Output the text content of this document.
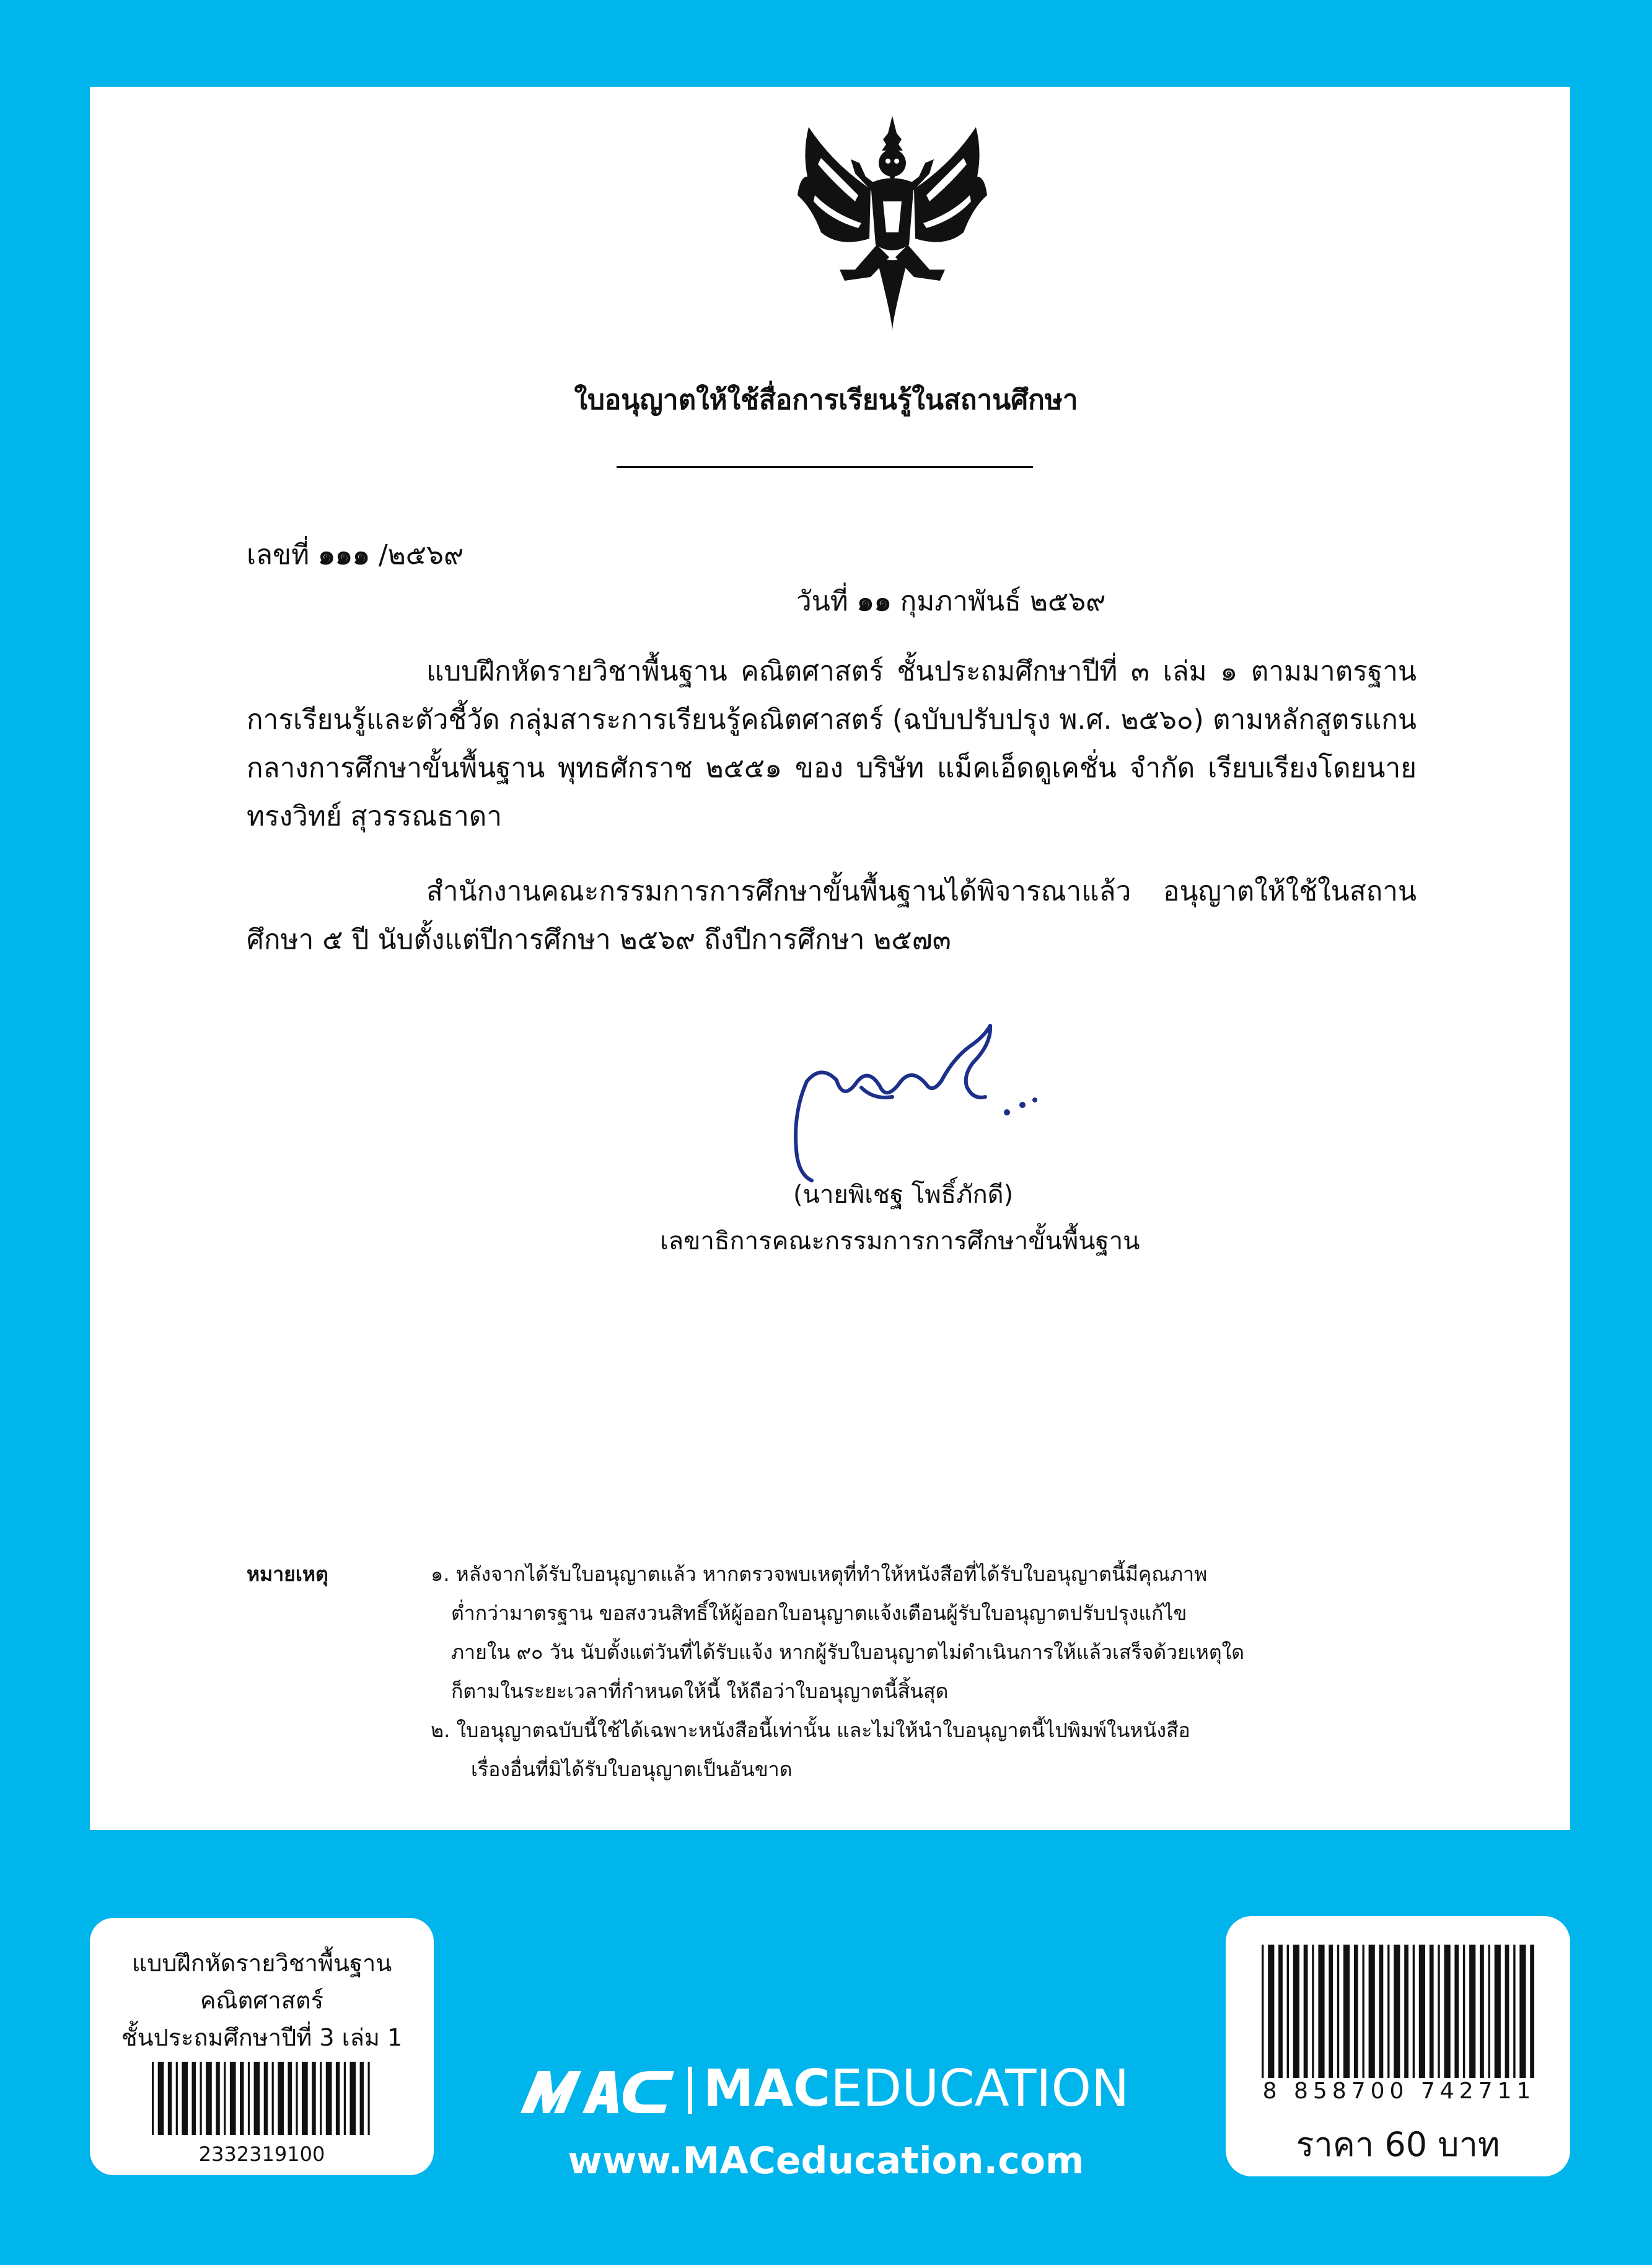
ใบอนุญาตให้ใช้สื่อการเรียนรู้ในสถานศึกษา
เลขที่ ๑๑๑ /๒๕๖๙
วันที่ ๑๑ กุมภาพันธ์ ๒๕๖๙
แบบฝึกหัดรายวิชาพื้นฐาน คณิตศาสตร์ ชั้นประถมศึกษาปีที่ ๓ เล่ม ๑ ตามมาตรฐานการเรียนรู้และตัวชี้วัด กลุ่มสาระการเรียนรู้คณิตศาสตร์ (ฉบับปรับปรุง พ.ศ. ๒๕๖๐) ตามหลักสูตรแกนกลางการศึกษาขั้นพื้นฐาน พุทธศักราช ๒๕๕๑ ของ บริษัท แม็คเอ็ดดูเคชั่น จำกัด เรียบเรียงโดยนายทรงวิทย์ สุวรรณธาดา
สำนักงานคณะกรรมการการศึกษาขั้นพื้นฐานได้พิจารณาแล้ว อนุญาตให้ใช้ในสถานศึกษา ๕ ปี นับตั้งแต่ปีการศึกษา ๒๕๖๙ ถึงปีการศึกษา ๒๕๗๓
(นายพิเชฐ โพธิ์ภักดี)
เลขาธิการคณะกรรมการการศึกษาขั้นพื้นฐาน
หมายเหตุ	๑. หลังจากได้รับใบอนุญาตแล้ว หากตรวจพบเหตุที่ทำให้หนังสือที่ได้รับใบอนุญาตนี้มีคุณภาพ
ต่ำกว่ามาตรฐาน ขอสงวนสิทธิ์ให้ผู้ออกใบอนุญาตแจ้งเตือนผู้รับใบอนุญาตปรับปรุงแก้ไข
ภายใน ๙๐ วัน นับตั้งแต่วันที่ได้รับแจ้ง หากผู้รับใบอนุญาตไม่ดำเนินการให้แล้วเสร็จด้วยเหตุใด
ก็ตามในระยะเวลาที่กำหนดให้นี้ ให้ถือว่าใบอนุญาตนี้สิ้นสุด
๒. ใบอนุญาตฉบับนี้ใช้ได้เฉพาะหนังสือนี้เท่านั้น และไม่ให้นำใบอนุญาตนี้ไปพิมพ์ในหนังสือ
เรื่องอื่นที่มิได้รับใบอนุญาตเป็นอันขาด
แบบฝึกหัดรายวิชาพื้นฐาน
คณิตศาสตร์
ชั้นประถมศึกษาปีที่ 3 เล่ม 1
2332319100
MACEDUCATION
www.MACeducation.com
8 858700 742711
ราคา 60 บาท
